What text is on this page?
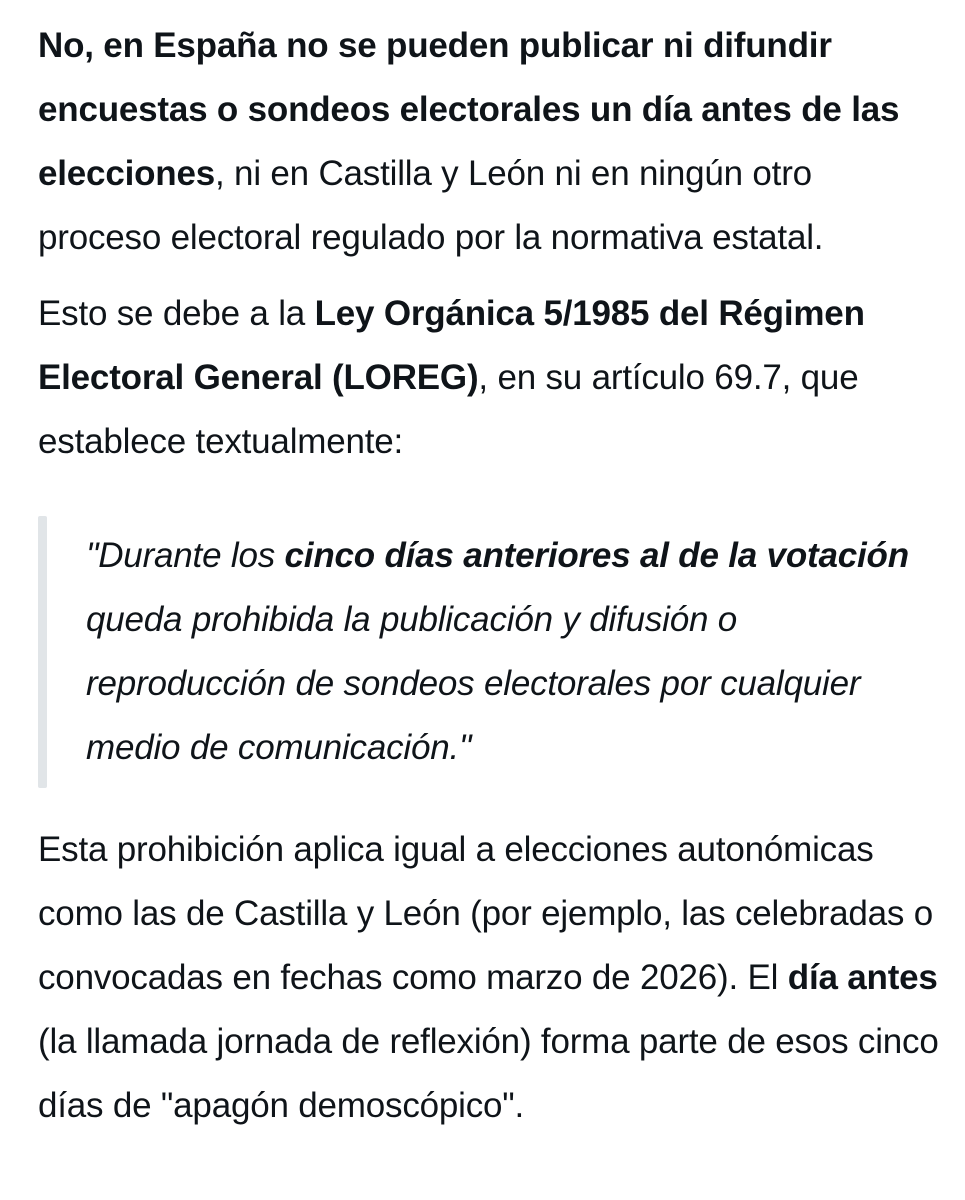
No, en España no se pueden publicar ni difundir encuestas o sondeos electorales un día antes de las elecciones, ni en Castilla y León ni en ningún otro proceso electoral regulado por la normativa estatal.

Esto se debe a la Ley Orgánica 5/1985 del Régimen Electoral General (LOREG), en su artículo 69.7, que establece textualmente:

"Durante los cinco días anteriores al de la votación queda prohibida la publicación y difusión o reproducción de sondeos electorales por cualquier medio de comunicación."

Esta prohibición aplica igual a elecciones autonómicas como las de Castilla y León (por ejemplo, las celebradas o convocadas en fechas como marzo de 2026). El día antes (la llamada jornada de reflexión) forma parte de esos cinco días de "apagón demoscópico".
